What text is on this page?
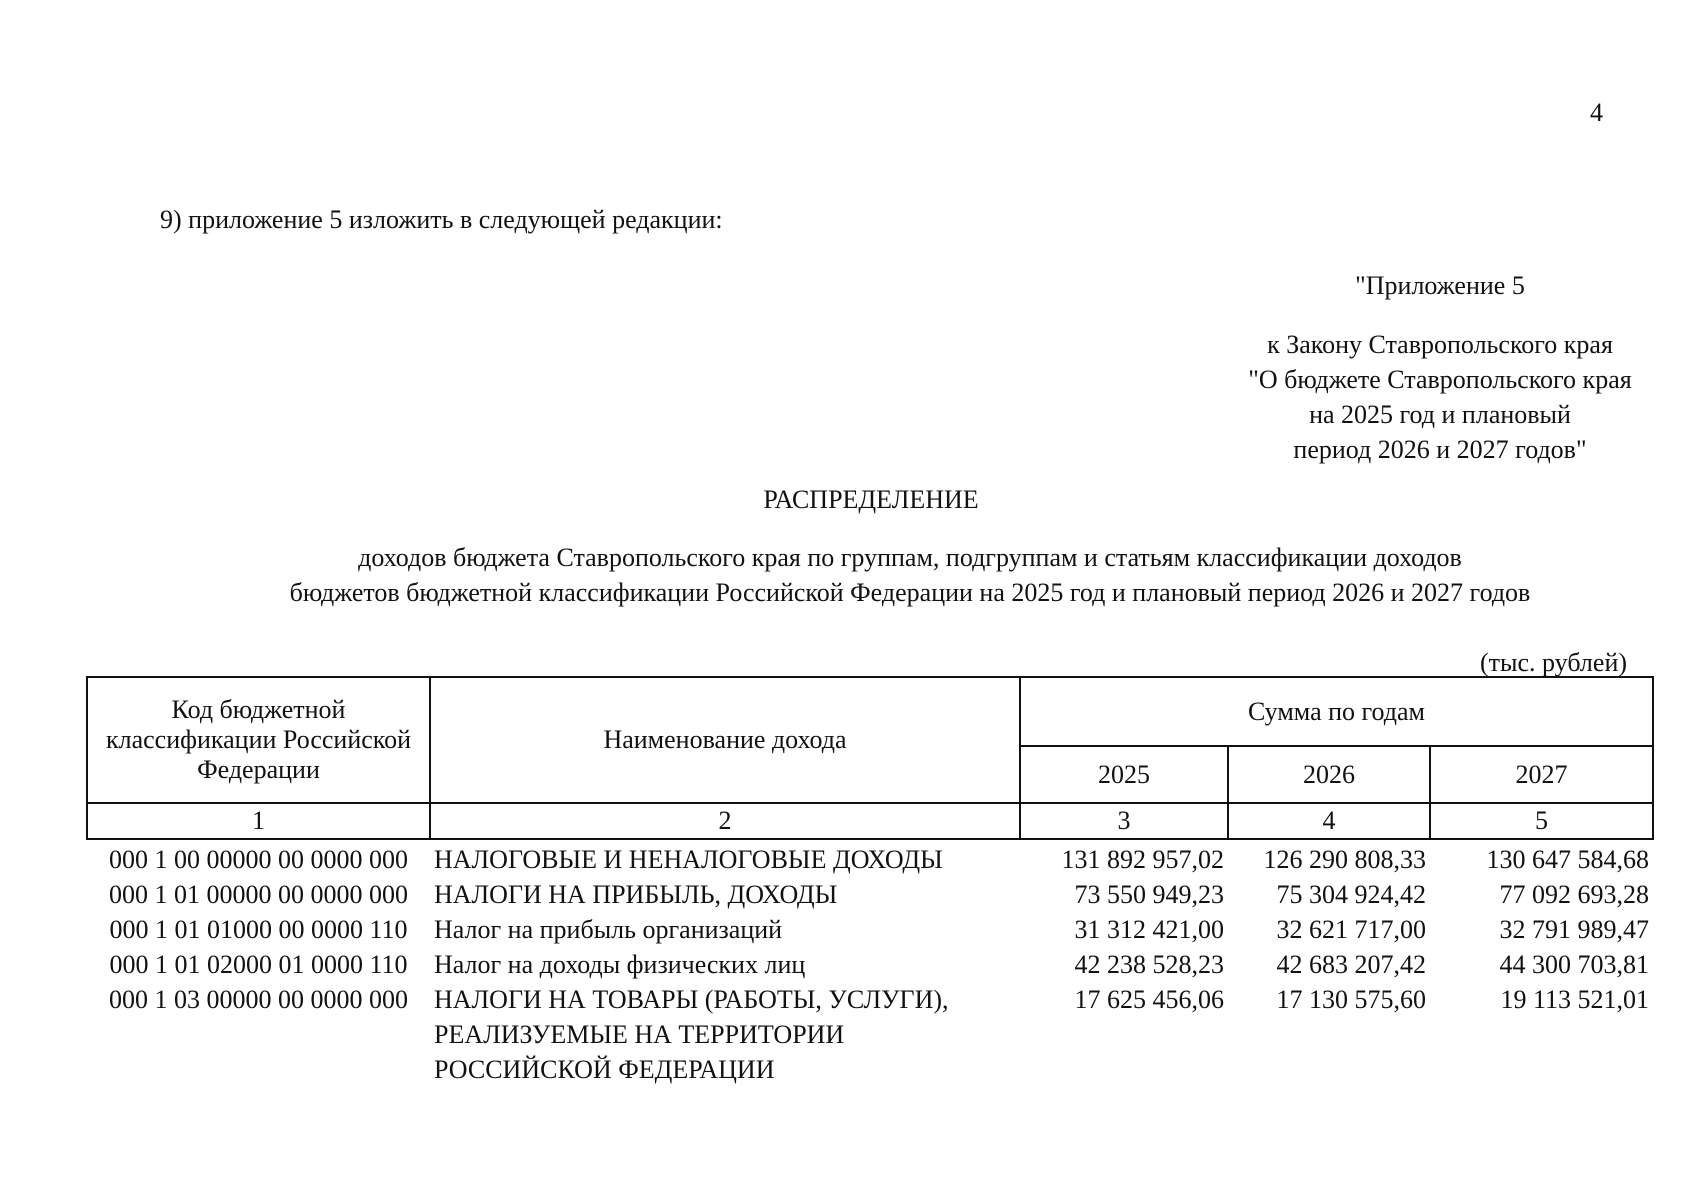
4
9) приложение 5 изложить в следующей редакции:
"Приложение 5
к Закону Ставропольского края
"О бюджете Ставропольского края
на 2025 год и плановый
период 2026 и 2027 годов"
РАСПРЕДЕЛЕНИЕ
доходов бюджета Ставропольского края по группам, подгруппам и статьям классификации доходов
бюджетов бюджетной классификации Российской Федерации на 2025 год и плановый период 2026 и 2027 годов
(тыс. рублей)
Код бюджетной классификации Российской Федерации	Наименование дохода	Сумма по годам		
		2025	2026	2027
1	2	3	4	5
000 1 00 00000 00 0000 000	НАЛОГОВЫЕ И НЕНАЛОГОВЫЕ ДОХОДЫ	131 892 957,02	126 290 808,33	130 647 584,68
000 1 01 00000 00 0000 000	НАЛОГИ НА ПРИБЫЛЬ, ДОХОДЫ	73 550 949,23	75 304 924,42	77 092 693,28
000 1 01 01000 00 0000 110	Налог на прибыль организаций	31 312 421,00	32 621 717,00	32 791 989,47
000 1 01 02000 01 0000 110	Налог на доходы физических лиц	42 238 528,23	42 683 207,42	44 300 703,81
000 1 03 00000 00 0000 000	НАЛОГИ НА ТОВАРЫ (РАБОТЫ, УСЛУГИ), РЕАЛИЗУЕМЫЕ НА ТЕРРИТОРИИ РОССИЙСКОЙ ФЕДЕРАЦИИ	17 625 456,06	17 130 575,60	19 113 521,01
